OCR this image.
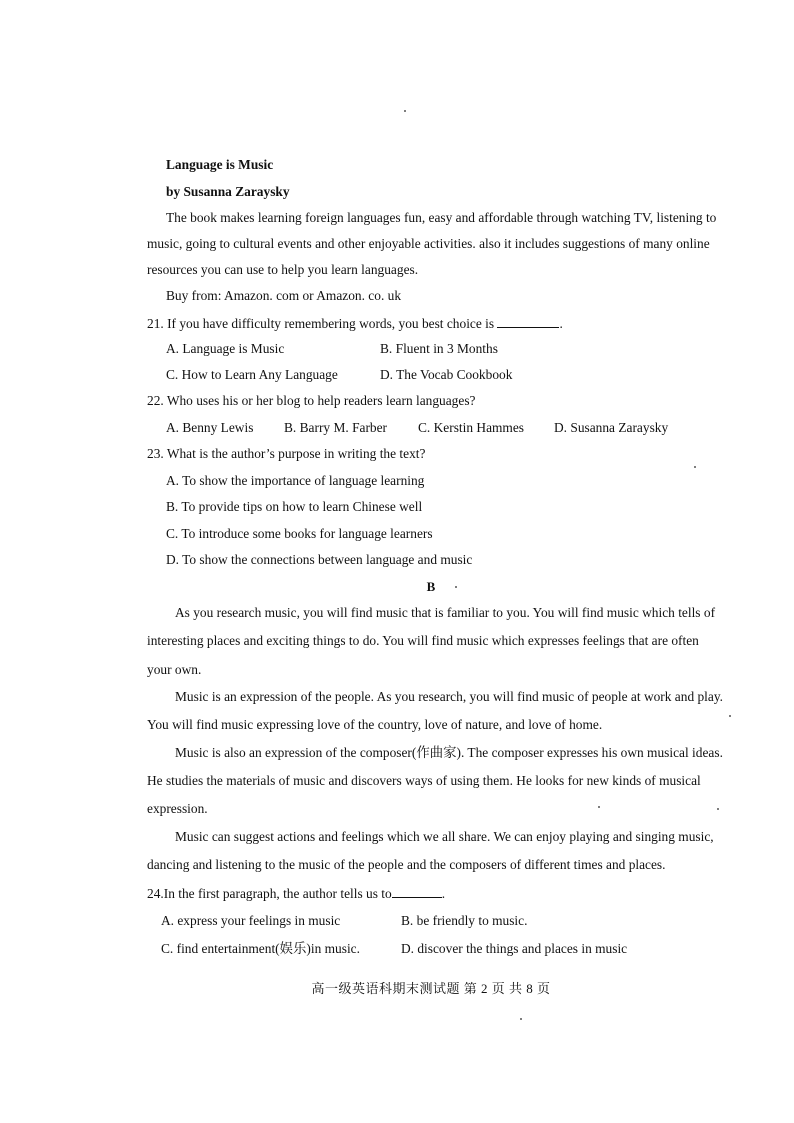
Language is Music
by Susanna Zaraysky
The book makes learning foreign languages fun, easy and affordable through watching TV, listening to
music, going to cultural events and other enjoyable activities. also it includes suggestions of many online
resources you can use to help you learn languages.
Buy from: Amazon. com or Amazon. co. uk
21. If you have difficulty remembering words, you best choice is	.
A. Language is Music	B. Fluent in 3 Months
C. How to Learn Any Language	D. The Vocab Cookbook
22. Who uses his or her blog to help readers learn languages?
A. Benny Lewis B. Barry M. Farber C. Kerstin Hammes D. Susanna Zaraysky
23. What is the author’s purpose in writing the text?
A. To show the importance of language learning
B. To provide tips on how to learn Chinese well
C. To introduce some books for language learners
D. To show the connections between language and music
B
As you research music, you will find music that is familiar to you. You will find music which tells of
interesting places and exciting things to do. You will find music which expresses feelings that are often
your own.
Music is an expression of the people. As you research, you will find music of people at work and play.
You will find music expressing love of the country, love of nature, and love of home.
Music is also an expression of the composer(作曲家). The composer expresses his own musical ideas.
He studies the materials of music and discovers ways of using them. He looks for new kinds of musical
expression.
Music can suggest actions and feelings which we all share. We can enjoy playing and singing music,
dancing and listening to the music of the people and the composers of different times and places.
24.In the first paragraph, the author tells us to	.
A. express your feelings in music	B. be friendly to music.
C. find entertainment(娱乐)in music.	D. discover the things and places in music
高一级英语科期末测试题 第 2 页 共 8 页
